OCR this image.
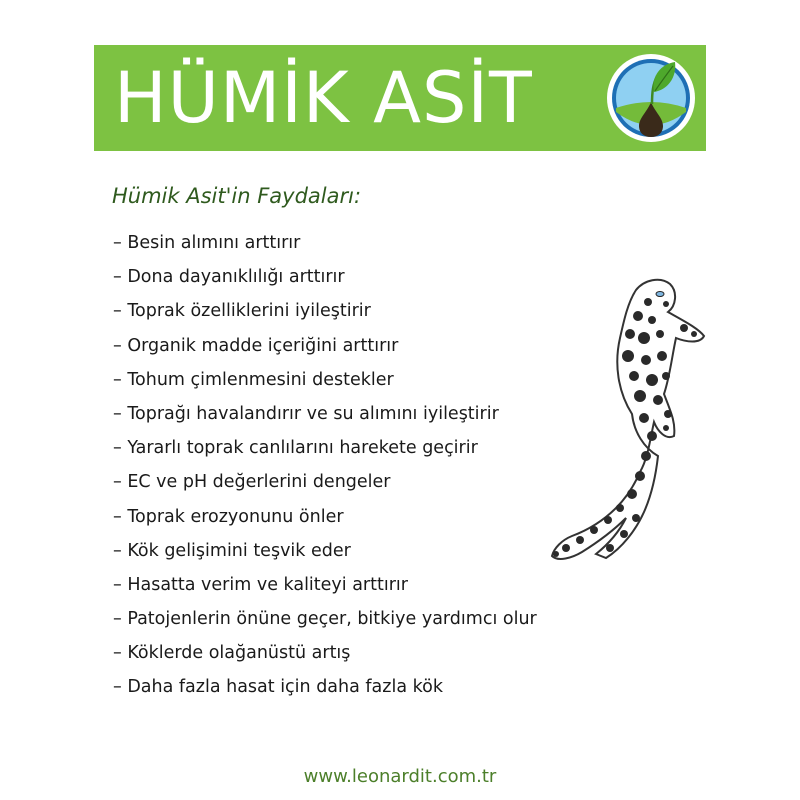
HÜMİK ASİT
Hümik Asit'in Faydaları:
– Besin alımını arttırır
– Dona dayanıklılığı arttırır
– Toprak özelliklerini iyileştirir
– Organik madde içeriğini arttırır
– Tohum çimlenmesini destekler
– Toprağı havalandırır ve su alımını iyileştirir
– Yararlı toprak canlılarını harekete geçirir
– EC ve pH değerlerini dengeler
– Toprak erozyonunu önler
– Kök gelişimini teşvik eder
– Hasatta verim ve kaliteyi arttırır
– Patojenlerin önüne geçer, bitkiye yardımcı olur
– Köklerde olağanüstü artış
– Daha fazla hasat için daha fazla kök
www.leonardit.com.tr
